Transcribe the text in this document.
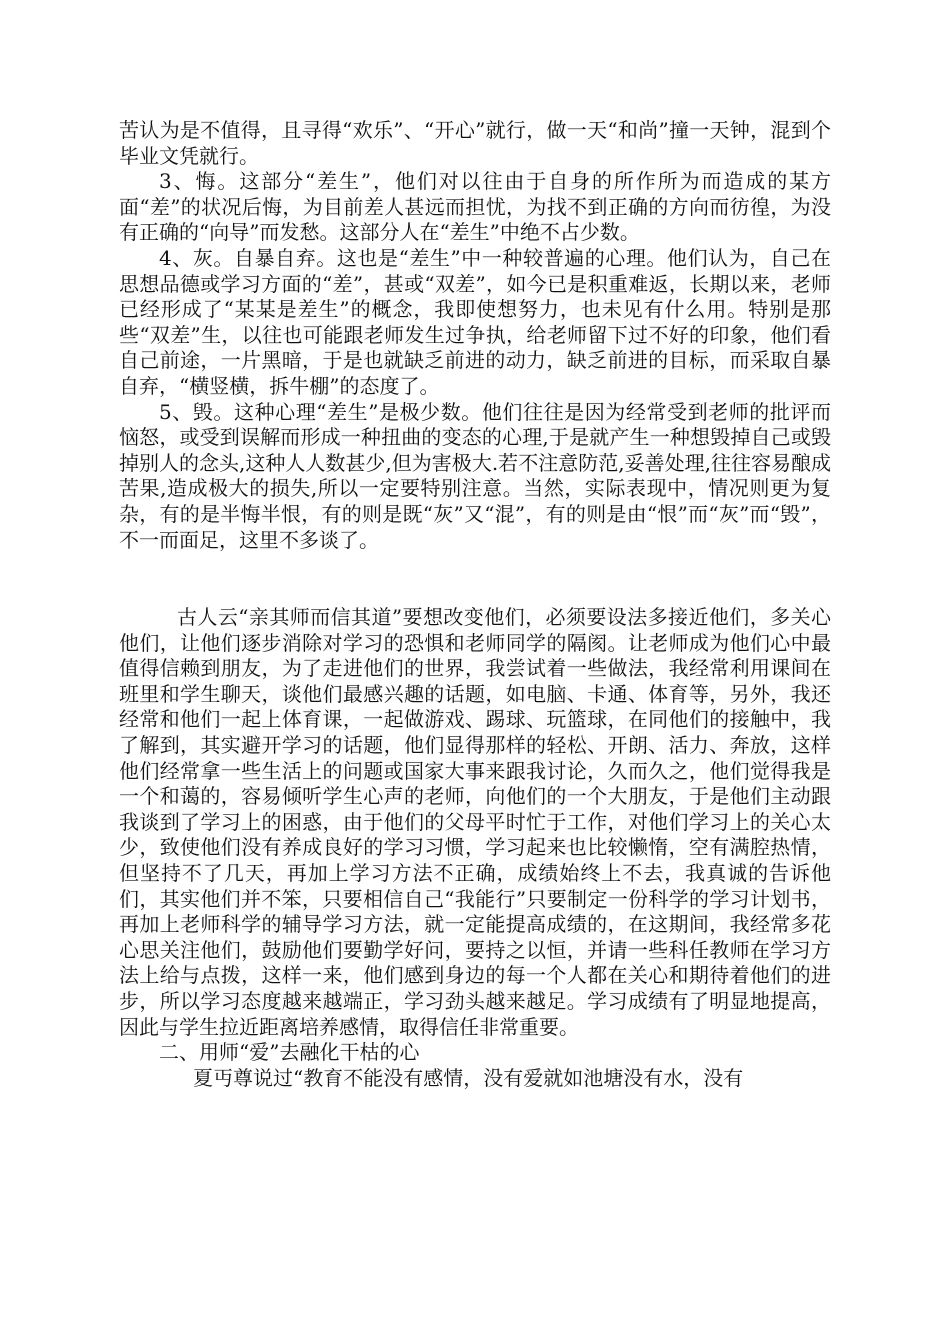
苦认为是不值得，且寻得“欢乐”、“开心”就行，做一天“和尚”撞一天钟，混到个毕业文凭就行。

3、悔。这部分“差生”，他们对以往由于自身的所作所为而造成的某方面“差”的状况后悔，为目前差人甚远而担忧，为找不到正确的方向而彷徨，为没有正确的“向导”而发愁。这部分人在“差生”中绝不占少数。

4、灰。自暴自弃。这也是“差生”中一种较普遍的心理。他们认为，自己在思想品德或学习方面的“差”，甚或“双差”，如今已是积重难返，长期以来，老师已经形成了“某某是差生”的概念，我即使想努力，也未见有什么用。特别是那些“双差”生，以往也可能跟老师发生过争执，给老师留下过不好的印象，他们看自己前途，一片黑暗，于是也就缺乏前进的动力，缺乏前进的目标，而采取自暴自弃，“横竖横，拆牛棚”的态度了。

5、毁。这种心理“差生”是极少数。他们往往是因为经常受到老师的批评而恼怒，或受到误解而形成一种扭曲的变态的心理,于是就产生一种想毁掉自己或毁掉别人的念头,这种人人数甚少,但为害极大.若不注意防范,妥善处理,往往容易酿成苦果,造成极大的损失,所以一定要特别注意。当然，实际表现中，情况则更为复杂，有的是半悔半恨，有的则是既“灰”又“混”，有的则是由“恨”而“灰”而“毁”，不一而面足，这里不多谈了。

古人云“亲其师而信其道”要想改变他们，必须要设法多接近他们，多关心他们，让他们逐步消除对学习的恐惧和老师同学的隔阂。让老师成为他们心中最值得信赖到朋友，为了走进他们的世界，我尝试着一些做法，我经常利用课间在班里和学生聊天，谈他们最感兴趣的话题，如电脑、卡通、体育等，另外，我还经常和他们一起上体育课，一起做游戏、踢球、玩篮球，在同他们的接触中，我了解到，其实避开学习的话题，他们显得那样的轻松、开朗、活力、奔放，这样他们经常拿一些生活上的问题或国家大事来跟我讨论，久而久之，他们觉得我是一个和蔼的，容易倾听学生心声的老师，向他们的一个大朋友，于是他们主动跟我谈到了学习上的困惑，由于他们的父母平时忙于工作，对他们学习上的关心太少，致使他们没有养成良好的学习习惯，学习起来也比较懒惰，空有满腔热情，但坚持不了几天，再加上学习方法不正确，成绩始终上不去，我真诚的告诉他们，其实他们并不笨，只要相信自己“我能行”只要制定一份科学的学习计划书，再加上老师科学的辅导学习方法，就一定能提高成绩的，在这期间，我经常多花心思关注他们，鼓励他们要勤学好问，要持之以恒，并请一些科任教师在学习方法上给与点拨，这样一来，他们感到身边的每一个人都在关心和期待着他们的进步，所以学习态度越来越端正，学习劲头越来越足。学习成绩有了明显地提高，因此与学生拉近距离培养感情，取得信任非常重要。

二、用师“爱”去融化干枯的心

夏丏尊说过“教育不能没有感情，没有爱就如池塘没有水，没有
